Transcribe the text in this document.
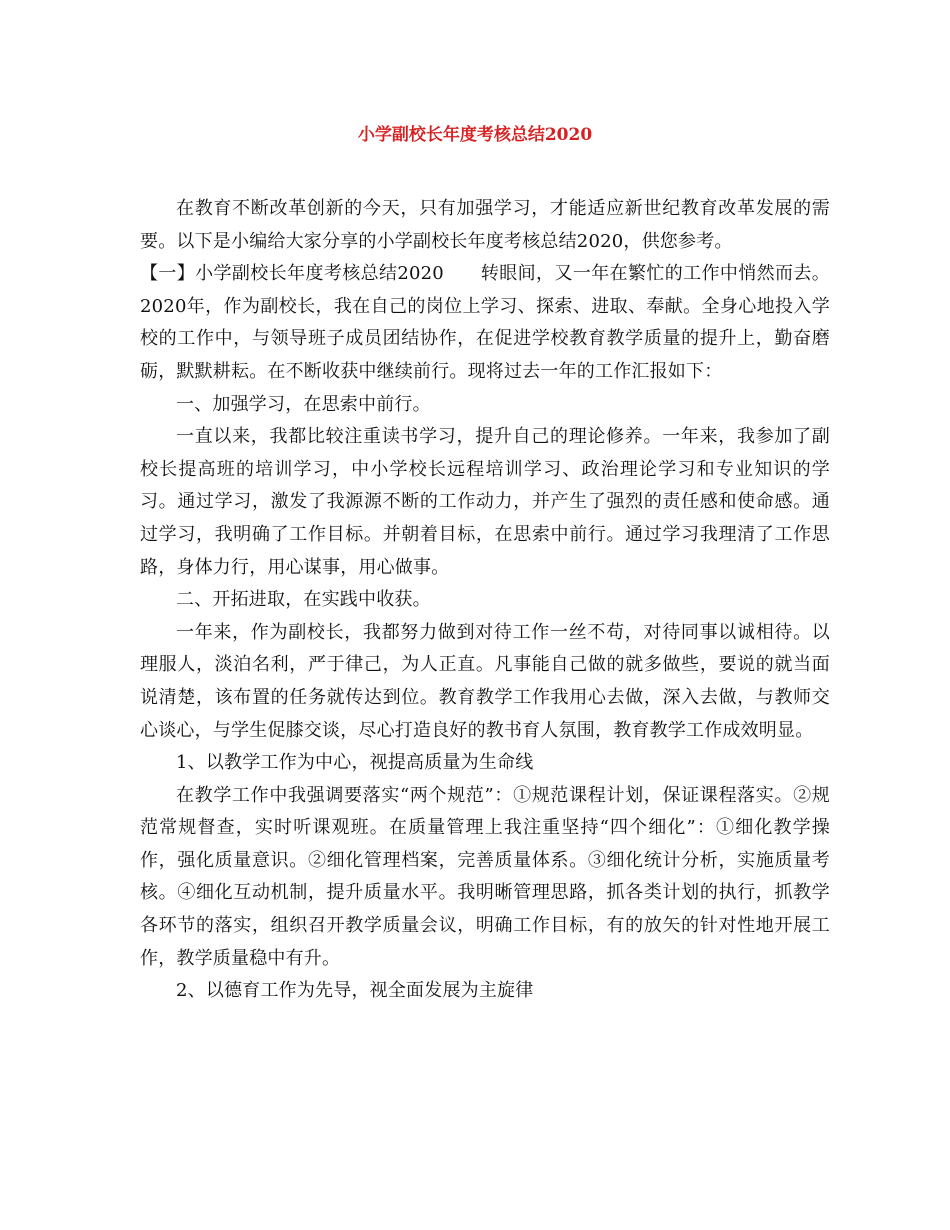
小学副校长年度考核总结2020

在教育不断改革创新的今天，只有加强学习，才能适应新世纪教育改革发展的需要。以下是小编给大家分享的小学副校长年度考核总结2020，供您参考。

【一】小学副校长年度考核总结2020　　转眼间，又一年在繁忙的工作中悄然而去。2020年，作为副校长，我在自己的岗位上学习、探索、进取、奉献。全身心地投入学校的工作中，与领导班子成员团结协作，在促进学校教育教学质量的提升上，勤奋磨砺，默默耕耘。在不断收获中继续前行。现将过去一年的工作汇报如下：

一、加强学习，在思索中前行。

一直以来，我都比较注重读书学习，提升自己的理论修养。一年来，我参加了副校长提高班的培训学习，中小学校长远程培训学习、政治理论学习和专业知识的学习。通过学习，激发了我源源不断的工作动力，并产生了强烈的责任感和使命感。通过学习，我明确了工作目标。并朝着目标，在思索中前行。通过学习我理清了工作思路，身体力行，用心谋事，用心做事。

二、开拓进取，在实践中收获。

一年来，作为副校长，我都努力做到对待工作一丝不苟，对待同事以诚相待。以理服人，淡泊名利，严于律己，为人正直。凡事能自己做的就多做些，要说的就当面说清楚，该布置的任务就传达到位。教育教学工作我用心去做，深入去做，与教师交心谈心，与学生促膝交谈，尽心打造良好的教书育人氛围，教育教学工作成效明显。

1、以教学工作为中心，视提高质量为生命线

在教学工作中我强调要落实“两个规范”：①规范课程计划，保证课程落实。②规范常规督查，实时听课观班。在质量管理上我注重坚持“四个细化”：①细化教学操作，强化质量意识。②细化管理档案，完善质量体系。③细化统计分析，实施质量考核。④细化互动机制，提升质量水平。我明晰管理思路，抓各类计划的执行，抓教学各环节的落实，组织召开教学质量会议，明确工作目标，有的放矢的针对性地开展工作，教学质量稳中有升。

2、以德育工作为先导，视全面发展为主旋律
